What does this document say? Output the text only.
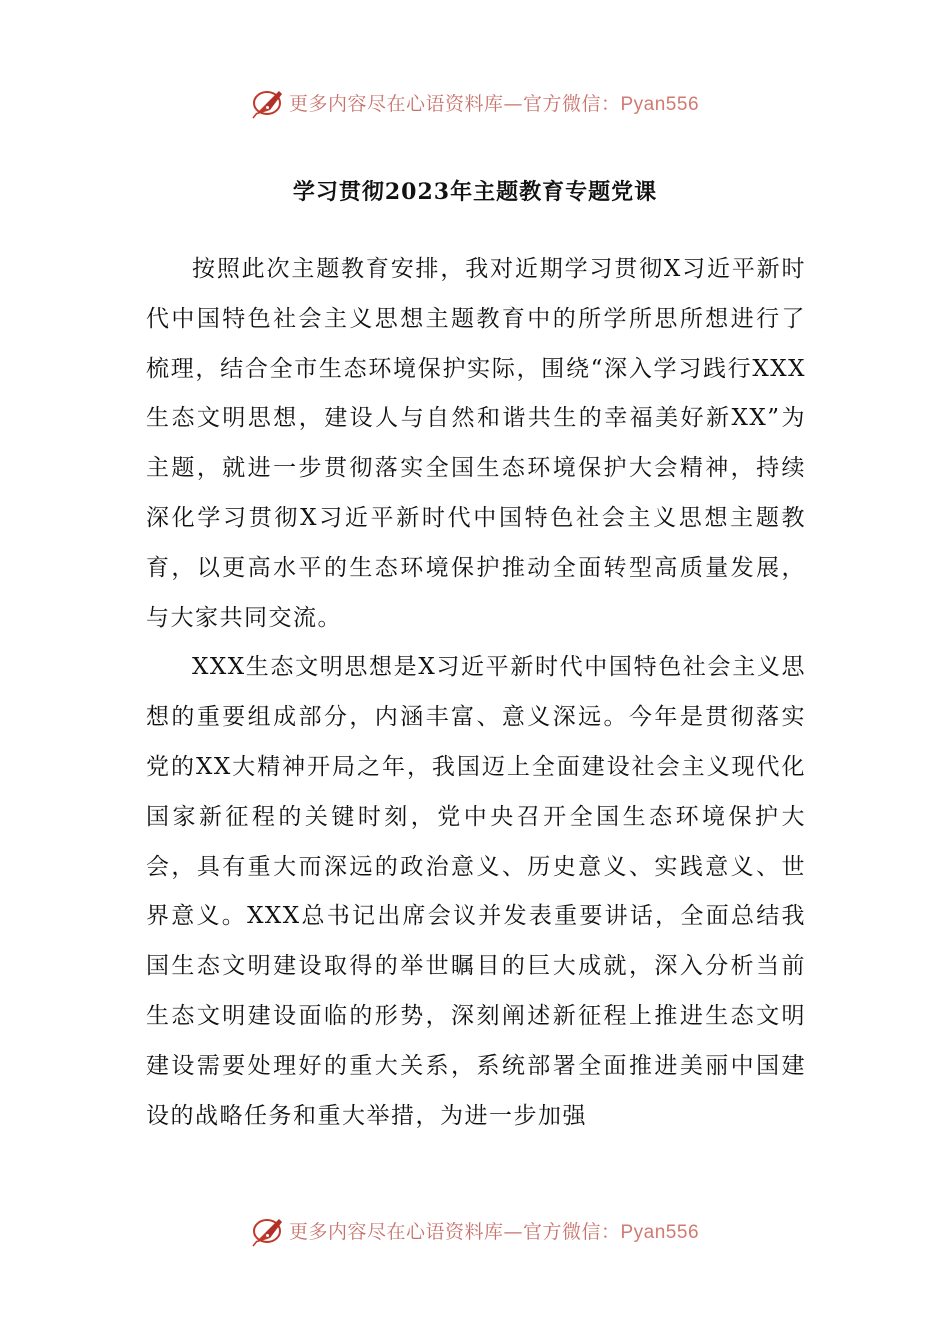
更多内容尽在心语资料库—官方微信：Pyan556
学习贯彻2023年主题教育专题党课

按照此次主题教育安排，我对近期学习贯彻X习近平新时代中国特色社会主义思想主题教育中的所学所思所想进行了梳理，结合全市生态环境保护实际，围绕“深入学习践行XXX生态文明思想，建设人与自然和谐共生的幸福美好新XX”为主题，就进一步贯彻落实全国生态环境保护大会精神，持续深化学习贯彻X习近平新时代中国特色社会主义思想主题教育，以更高水平的生态环境保护推动全面转型高质量发展，与大家共同交流。

XXX生态文明思想是X习近平新时代中国特色社会主义思想的重要组成部分，内涵丰富、意义深远。今年是贯彻落实党的XX大精神开局之年，我国迈上全面建设社会主义现代化国家新征程的关键时刻，党中央召开全国生态环境保护大会，具有重大而深远的政治意义、历史意义、实践意义、世界意义。XXX总书记出席会议并发表重要讲话，全面总结我国生态文明建设取得的举世瞩目的巨大成就，深入分析当前生态文明建设面临的形势，深刻阐述新征程上推进生态文明建设需要处理好的重大关系，系统部署全面推进美丽中国建设的战略任务和重大举措，为进一步加强

更多内容尽在心语资料库—官方微信：Pyan556
